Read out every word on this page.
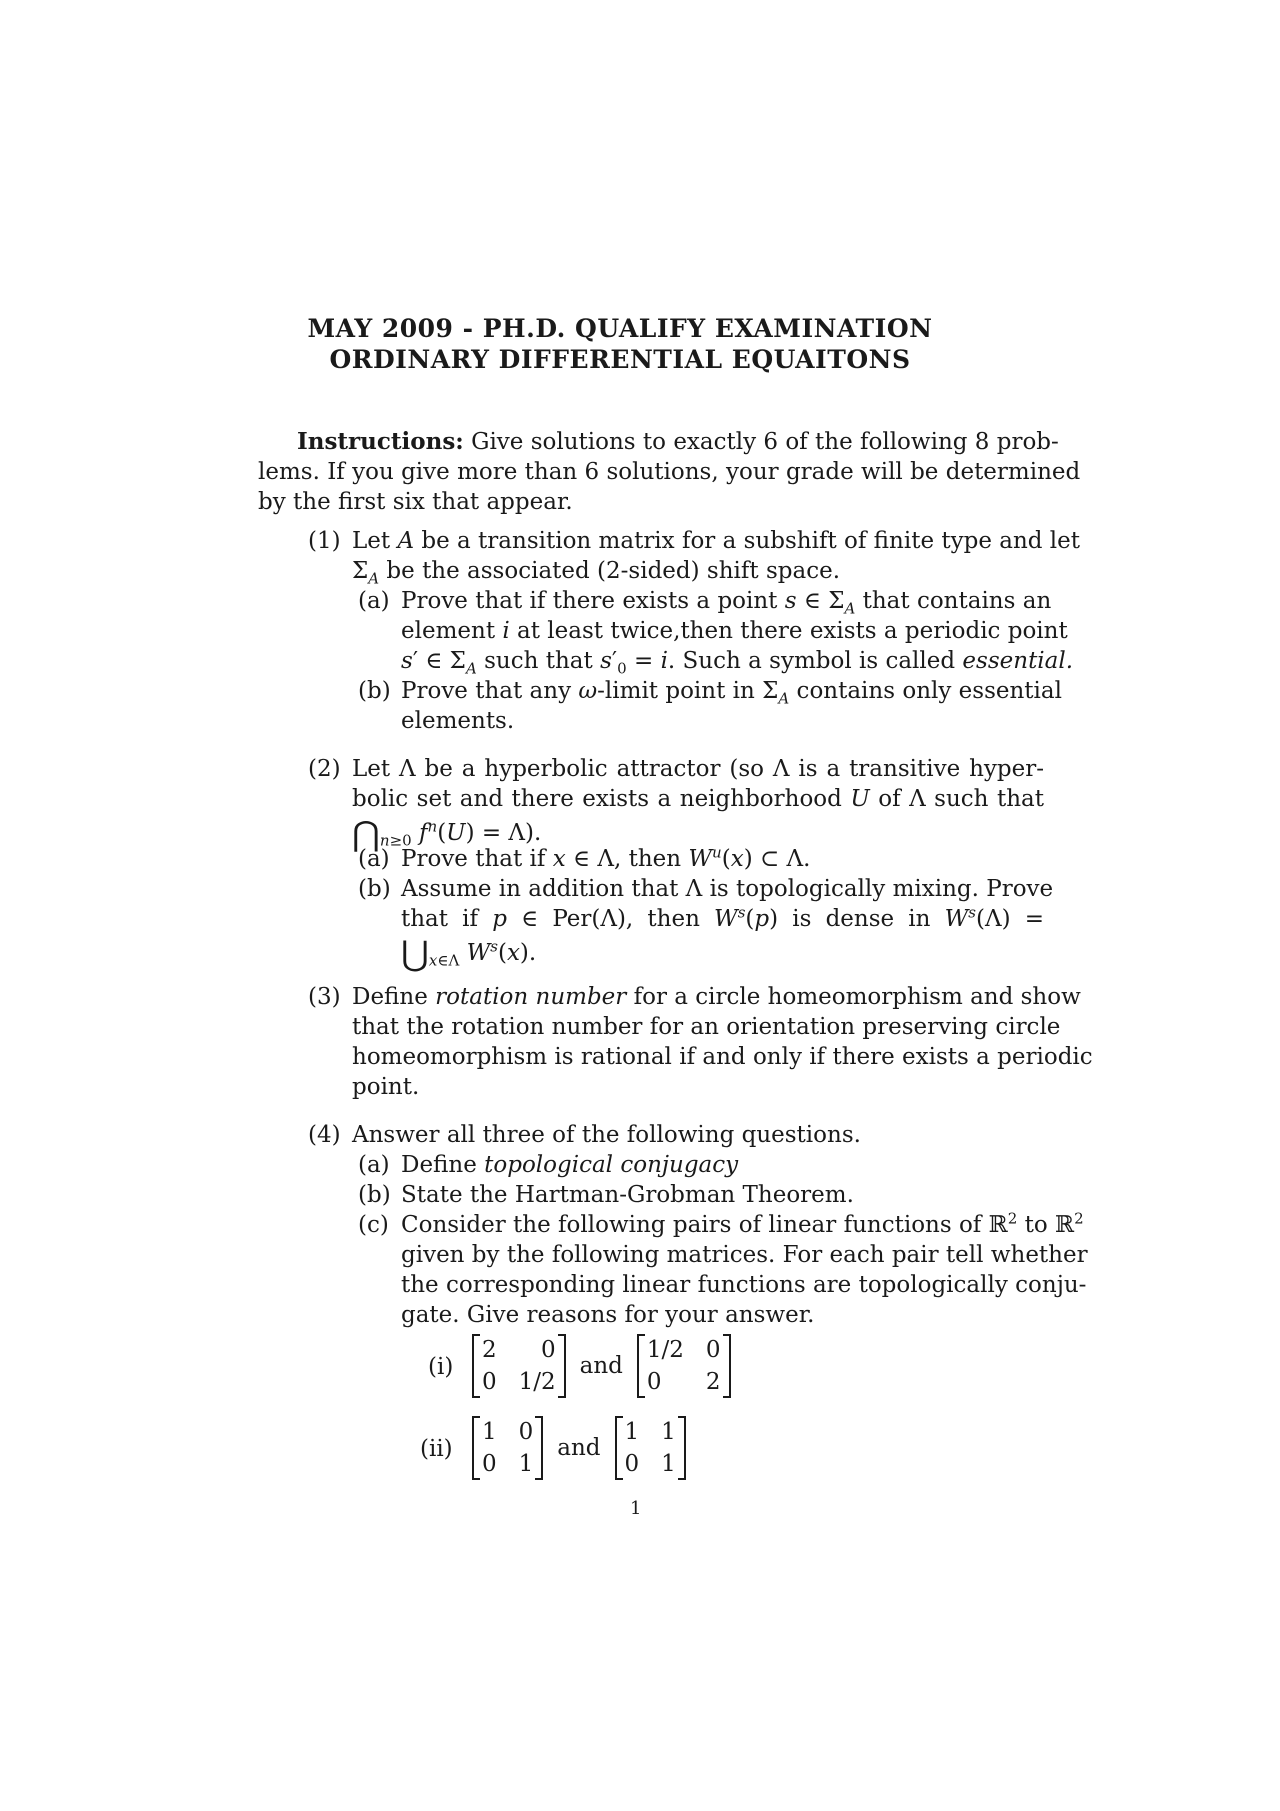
MAY 2009 - PH.D. QUALIFY EXAMINATION
ORDINARY DIFFERENTIAL EQUAITONS
Instructions: Give solutions to exactly 6 of the following 8 prob-
lems. If you give more than 6 solutions, your grade will be determined
by the first six that appear.
(1) Let A be a transition matrix for a subshift of finite type and let
$\Sigma_A$ be the associated (2-sided) shift space.
(a) Prove that if there exists a point s ∈ $\Sigma_A$ that contains an
element i at least twice,then there exists a periodic point
s′ ∈ $\Sigma_A$ such that $s'_0 = i$. Such a symbol is called essential.
(b) Prove that any ω-limit point in $\Sigma_A$ contains only essential
elements.
(2) Let Λ be a hyperbolic attractor (so Λ is a transitive hyper-
bolic set and there exists a neighborhood U of Λ such that
$⋂_{n\ge 0}$ $f^n(U) = \Lambda$).
(a) Prove that if x ∈ Λ, then $W^u(x)$ ⊂ Λ.
(b) Assume in addition that Λ is topologically mixing. Prove
that if p ∈ Per(Λ), then $W^s(p)$ is dense in $W^s(\Lambda)$ =
$⋃_{x\in\Lambda}$ $W^s(x)$.
(3) Define rotation number for a circle homeomorphism and show
that the rotation number for an orientation preserving circle
homeomorphism is rational if and only if there exists a periodic
point.
(4) Answer all three of the following questions.
(a) Define topological conjugacy
(b) State the Hartman-Grobman Theorem.
(c) Consider the following pairs of linear functions of ℝ$^2$ to ℝ$^2$
given by the following matrices. For each pair tell whether
the corresponding linear functions are topologically conju-
gate. Give reasons for your answer.
(i)
2 0
0 1/2
and
1/2 0
0 2
(ii)
1 0
0 1
and
1 1
0 1
1
